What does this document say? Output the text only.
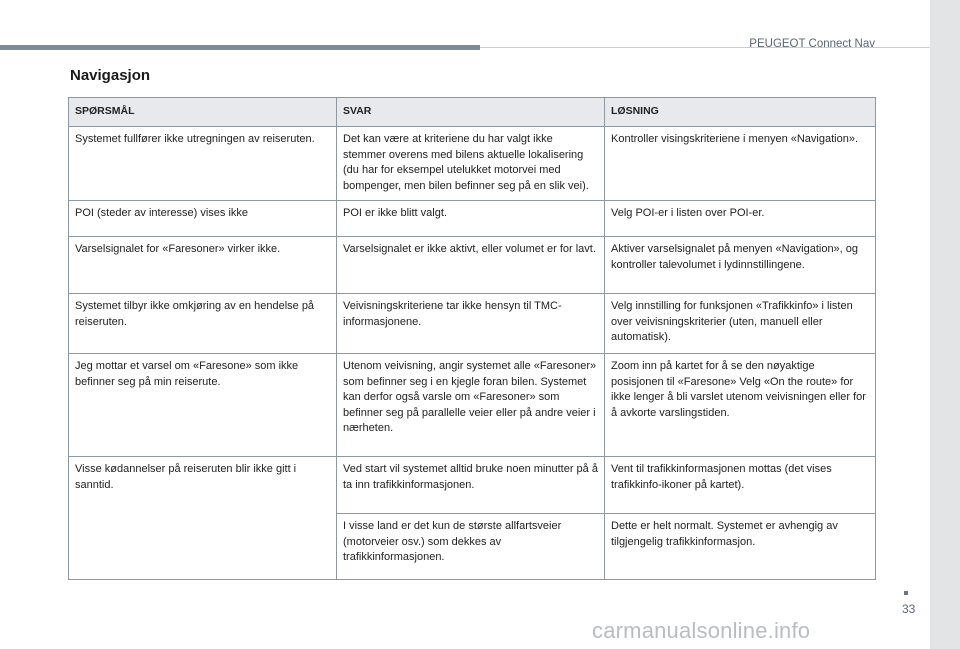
PEUGEOT Connect Nav
Navigasjon
SPØRSMÅL	SVAR	LØSNING
Systemet fullfører ikke utregningen av reiseruten.	Det kan være at kriteriene du har valgt ikke stemmer overens med bilens aktuelle lokalisering (du har for eksempel utelukket motorvei med bompenger, men bilen befinner seg på en slik vei).	Kontroller visingskriteriene i menyen «Navigation».
POI (steder av interesse) vises ikke	POI er ikke blitt valgt.	Velg POI-er i listen over POI-er.
Varselsignalet for «Faresoner» virker ikke.	Varselsignalet er ikke aktivt, eller volumet er for lavt.	Aktiver varselsignalet på menyen «Navigation», og kontroller talevolumet i lydinnstillingene.
Systemet tilbyr ikke omkjøring av en hendelse på reiseruten.	Veivisningskriteriene tar ikke hensyn til TMC-informasjonene.	Velg innstilling for funksjonen «Trafikkinfo» i listen over veivisningskriterier (uten, manuell eller automatisk).
Jeg mottar et varsel om «Faresone» som ikke befinner seg på min reiserute.	Utenom veivisning, angir systemet alle «Faresoner» som befinner seg i en kjegle foran bilen. Systemet kan derfor også varsle om «Faresoner» som befinner seg på parallelle veier eller på andre veier i nærheten.	Zoom inn på kartet for å se den nøyaktige posisjonen til «Faresone» Velg «On the route» for ikke lenger å bli varslet utenom veivisningen eller for å avkorte varslingstiden.
Visse kødannelser på reiseruten blir ikke gitt i sanntid.	Ved start vil systemet alltid bruke noen minutter på å ta inn trafikkinformasjonen.	Vent til trafikkinformasjonen mottas (det vises trafikkinfo-ikoner på kartet).
	I visse land er det kun de største allfartsveier (motorveier osv.) som dekkes av trafikkinformasjonen.	Dette er helt normalt. Systemet er avhengig av tilgjengelig trafikkinformasjon.
33
carmanualsonline.info
